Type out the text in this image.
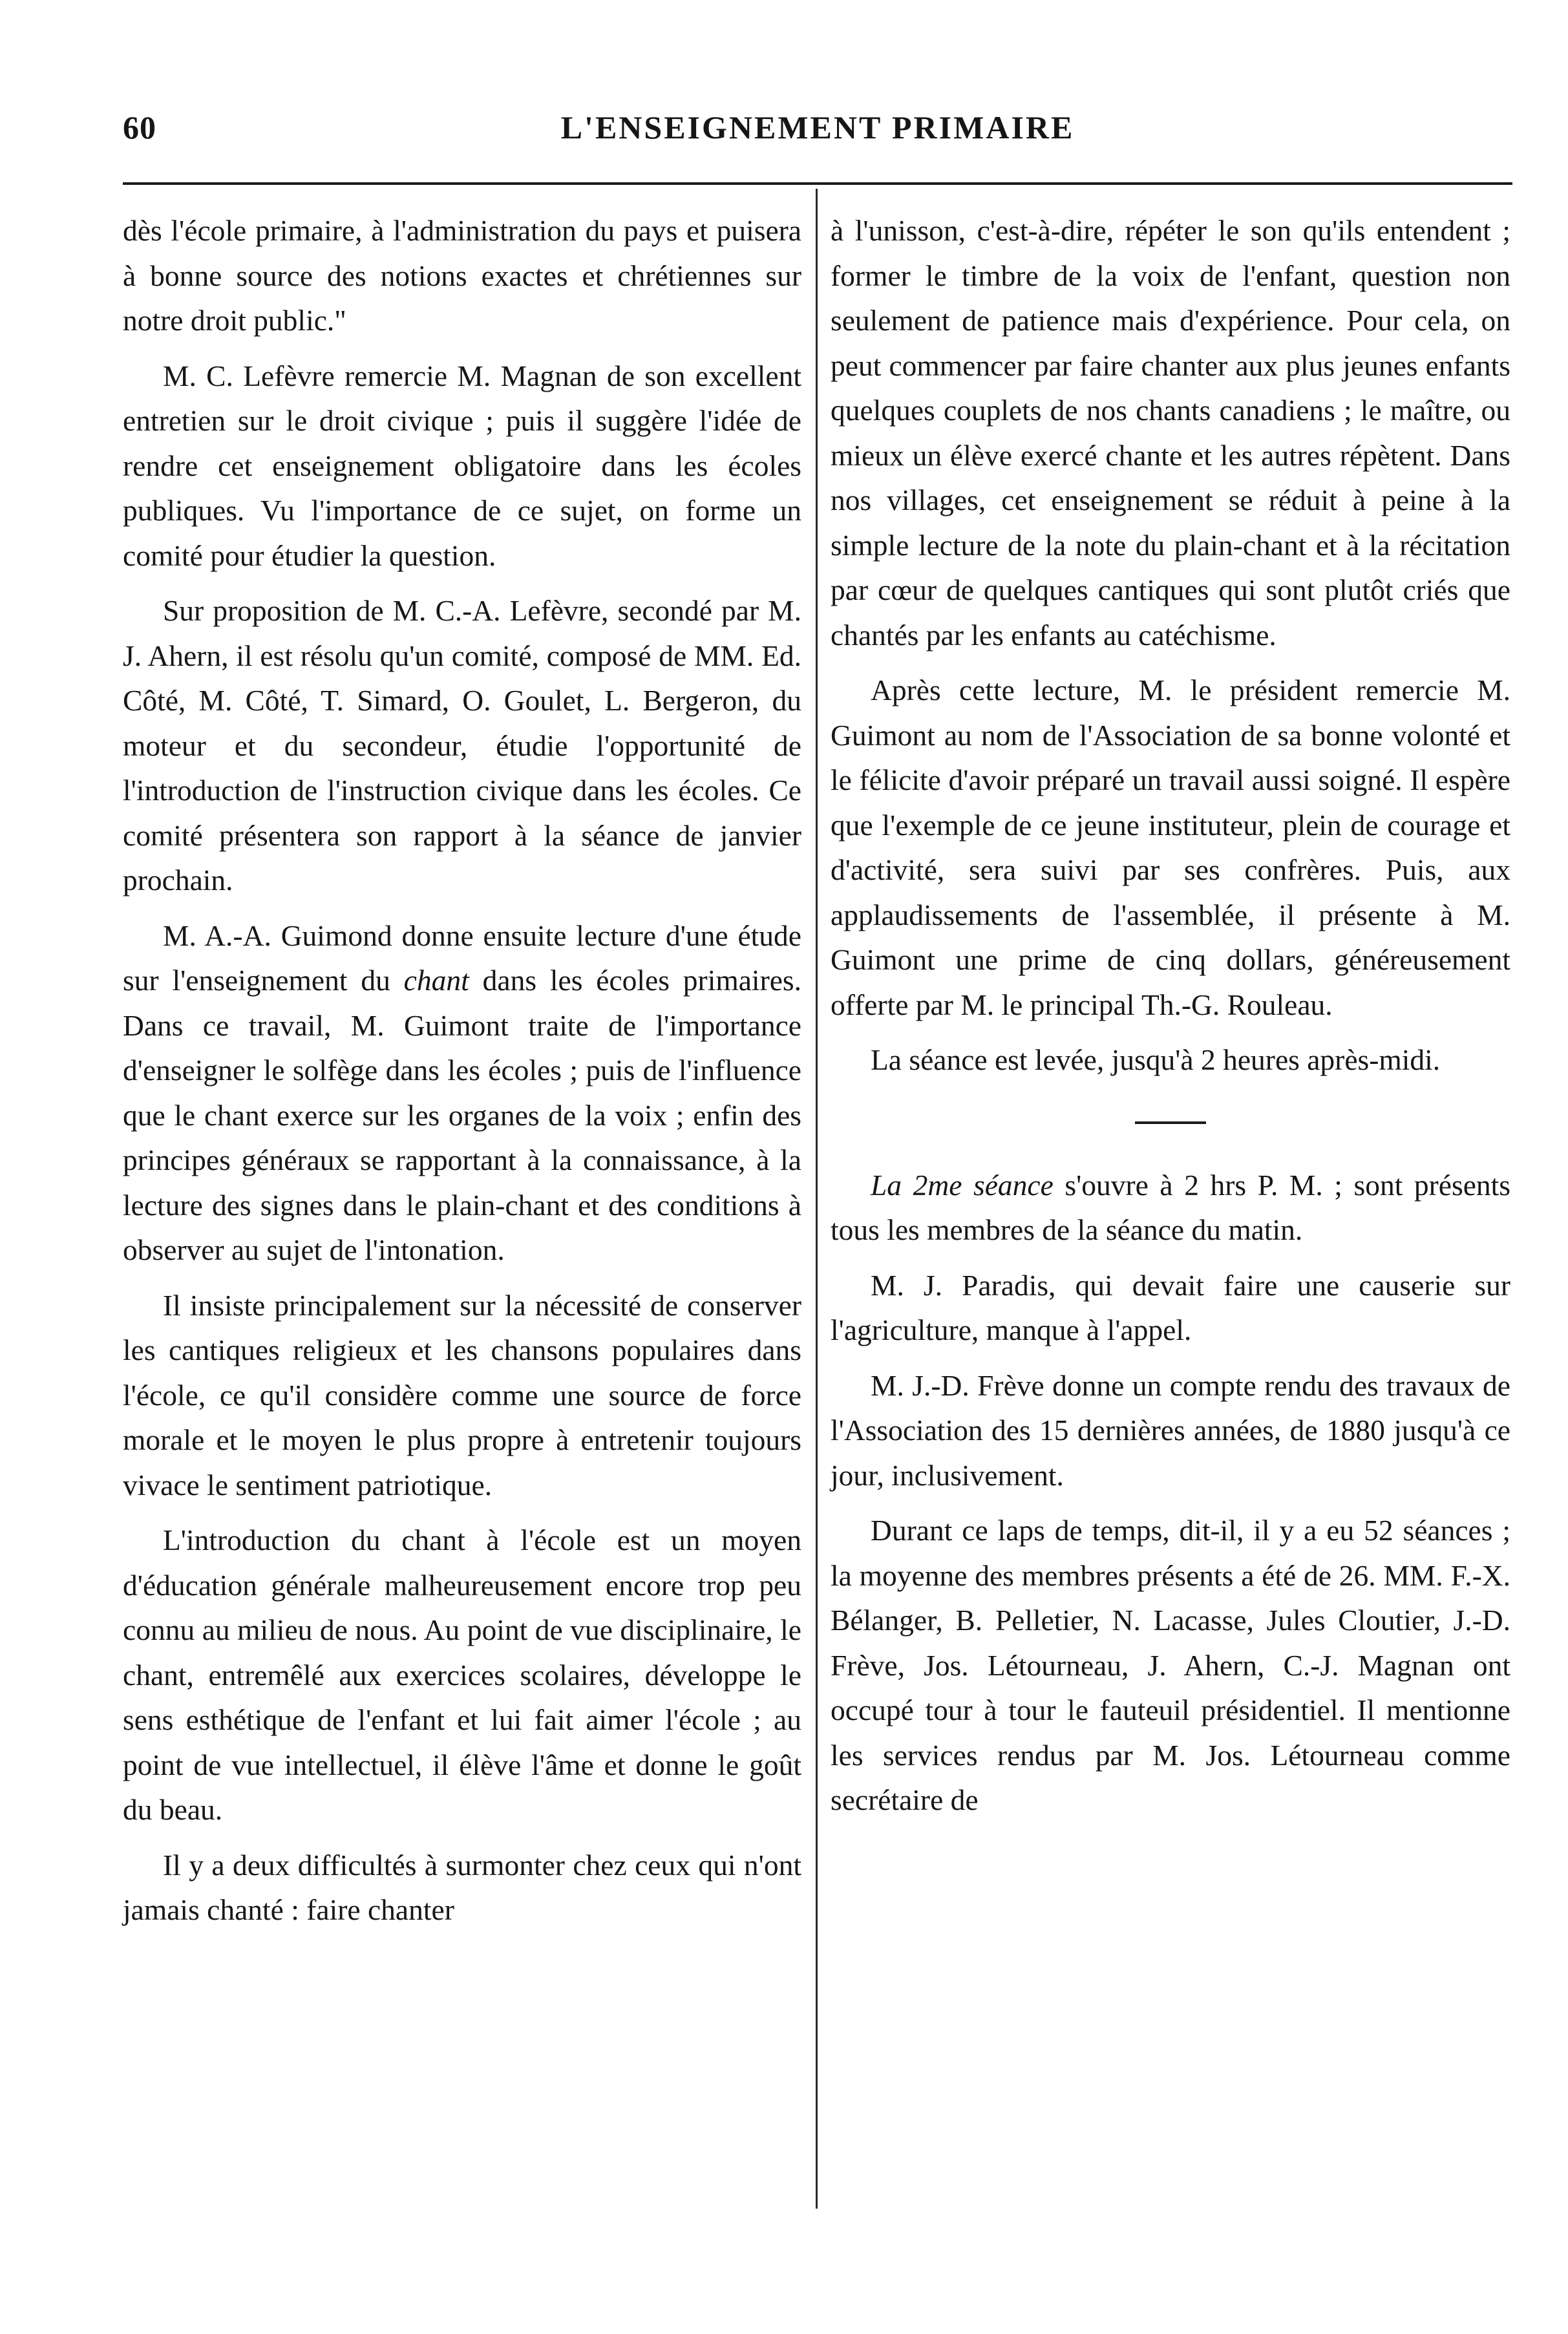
60	L'ENSEIGNEMENT PRIMAIRE

dès l'école primaire, à l'administration du pays et puisera à bonne source des notions exactes et chrétiennes sur notre droit public."

M. C. Lefèvre remercie M. Magnan de son excellent entretien sur le droit civique ; puis il suggère l'idée de rendre cet enseignement obligatoire dans les écoles publiques. Vu l'importance de ce sujet, on forme un comité pour étudier la question.

Sur proposition de M. C.-A. Lefèvre, secondé par M. J. Ahern, il est résolu qu'un comité, composé de MM. Ed. Côté, M. Côté, T. Simard, O. Goulet, L. Bergeron, du moteur et du secondeur, étudie l'opportunité de l'introduction de l'instruction civique dans les écoles. Ce comité présentera son rapport à la séance de janvier prochain.

M. A.-A. Guimond donne ensuite lecture d'une étude sur l'enseignement du chant dans les écoles primaires. Dans ce travail, M. Guimont traite de l'importance d'enseigner le solfège dans les écoles ; puis de l'influence que le chant exerce sur les organes de la voix ; enfin des principes généraux se rapportant à la connaissance, à la lecture des signes dans le plain-chant et des conditions à observer au sujet de l'intonation.

Il insiste principalement sur la nécessité de conserver les cantiques religieux et les chansons populaires dans l'école, ce qu'il considère comme une source de force morale et le moyen le plus propre à entretenir toujours vivace le sentiment patriotique.

L'introduction du chant à l'école est un moyen d'éducation générale malheureusement encore trop peu connu au milieu de nous. Au point de vue disciplinaire, le chant, entremêlé aux exercices scolaires, développe le sens esthétique de l'enfant et lui fait aimer l'école ; au point de vue intellectuel, il élève l'âme et donne le goût du beau.

Il y a deux difficultés à surmonter chez ceux qui n'ont jamais chanté : faire chanter

à l'unisson, c'est-à-dire, répéter le son qu'ils entendent ; former le timbre de la voix de l'enfant, question non seulement de patience mais d'expérience. Pour cela, on peut commencer par faire chanter aux plus jeunes enfants quelques couplets de nos chants canadiens ; le maître, ou mieux un élève exercé chante et les autres répètent. Dans nos villages, cet enseignement se réduit à peine à la simple lecture de la note du plain-chant et à la récitation par cœur de quelques cantiques qui sont plutôt criés que chantés par les enfants au catéchisme.

Après cette lecture, M. le président remercie M. Guimont au nom de l'Association de sa bonne volonté et le félicite d'avoir préparé un travail aussi soigné. Il espère que l'exemple de ce jeune instituteur, plein de courage et d'activité, sera suivi par ses confrères. Puis, aux applaudissements de l'assemblée, il présente à M. Guimont une prime de cinq dollars, généreusement offerte par M. le principal Th.-G. Rouleau.

La séance est levée, jusqu'à 2 heures après-midi.

La 2me séance s'ouvre à 2 hrs P. M. ; sont présents tous les membres de la séance du matin.

M. J. Paradis, qui devait faire une causerie sur l'agriculture, manque à l'appel.

M. J.-D. Frève donne un compte rendu des travaux de l'Association des 15 dernières années, de 1880 jusqu'à ce jour, inclusivement.

Durant ce laps de temps, dit-il, il y a eu 52 séances ; la moyenne des membres présents a été de 26. MM. F.-X. Bélanger, B. Pelletier, N. Lacasse, Jules Cloutier, J.-D. Frève, Jos. Létourneau, J. Ahern, C.-J. Magnan ont occupé tour à tour le fauteuil présidentiel. Il mentionne les services rendus par M. Jos. Létourneau comme secrétaire de
